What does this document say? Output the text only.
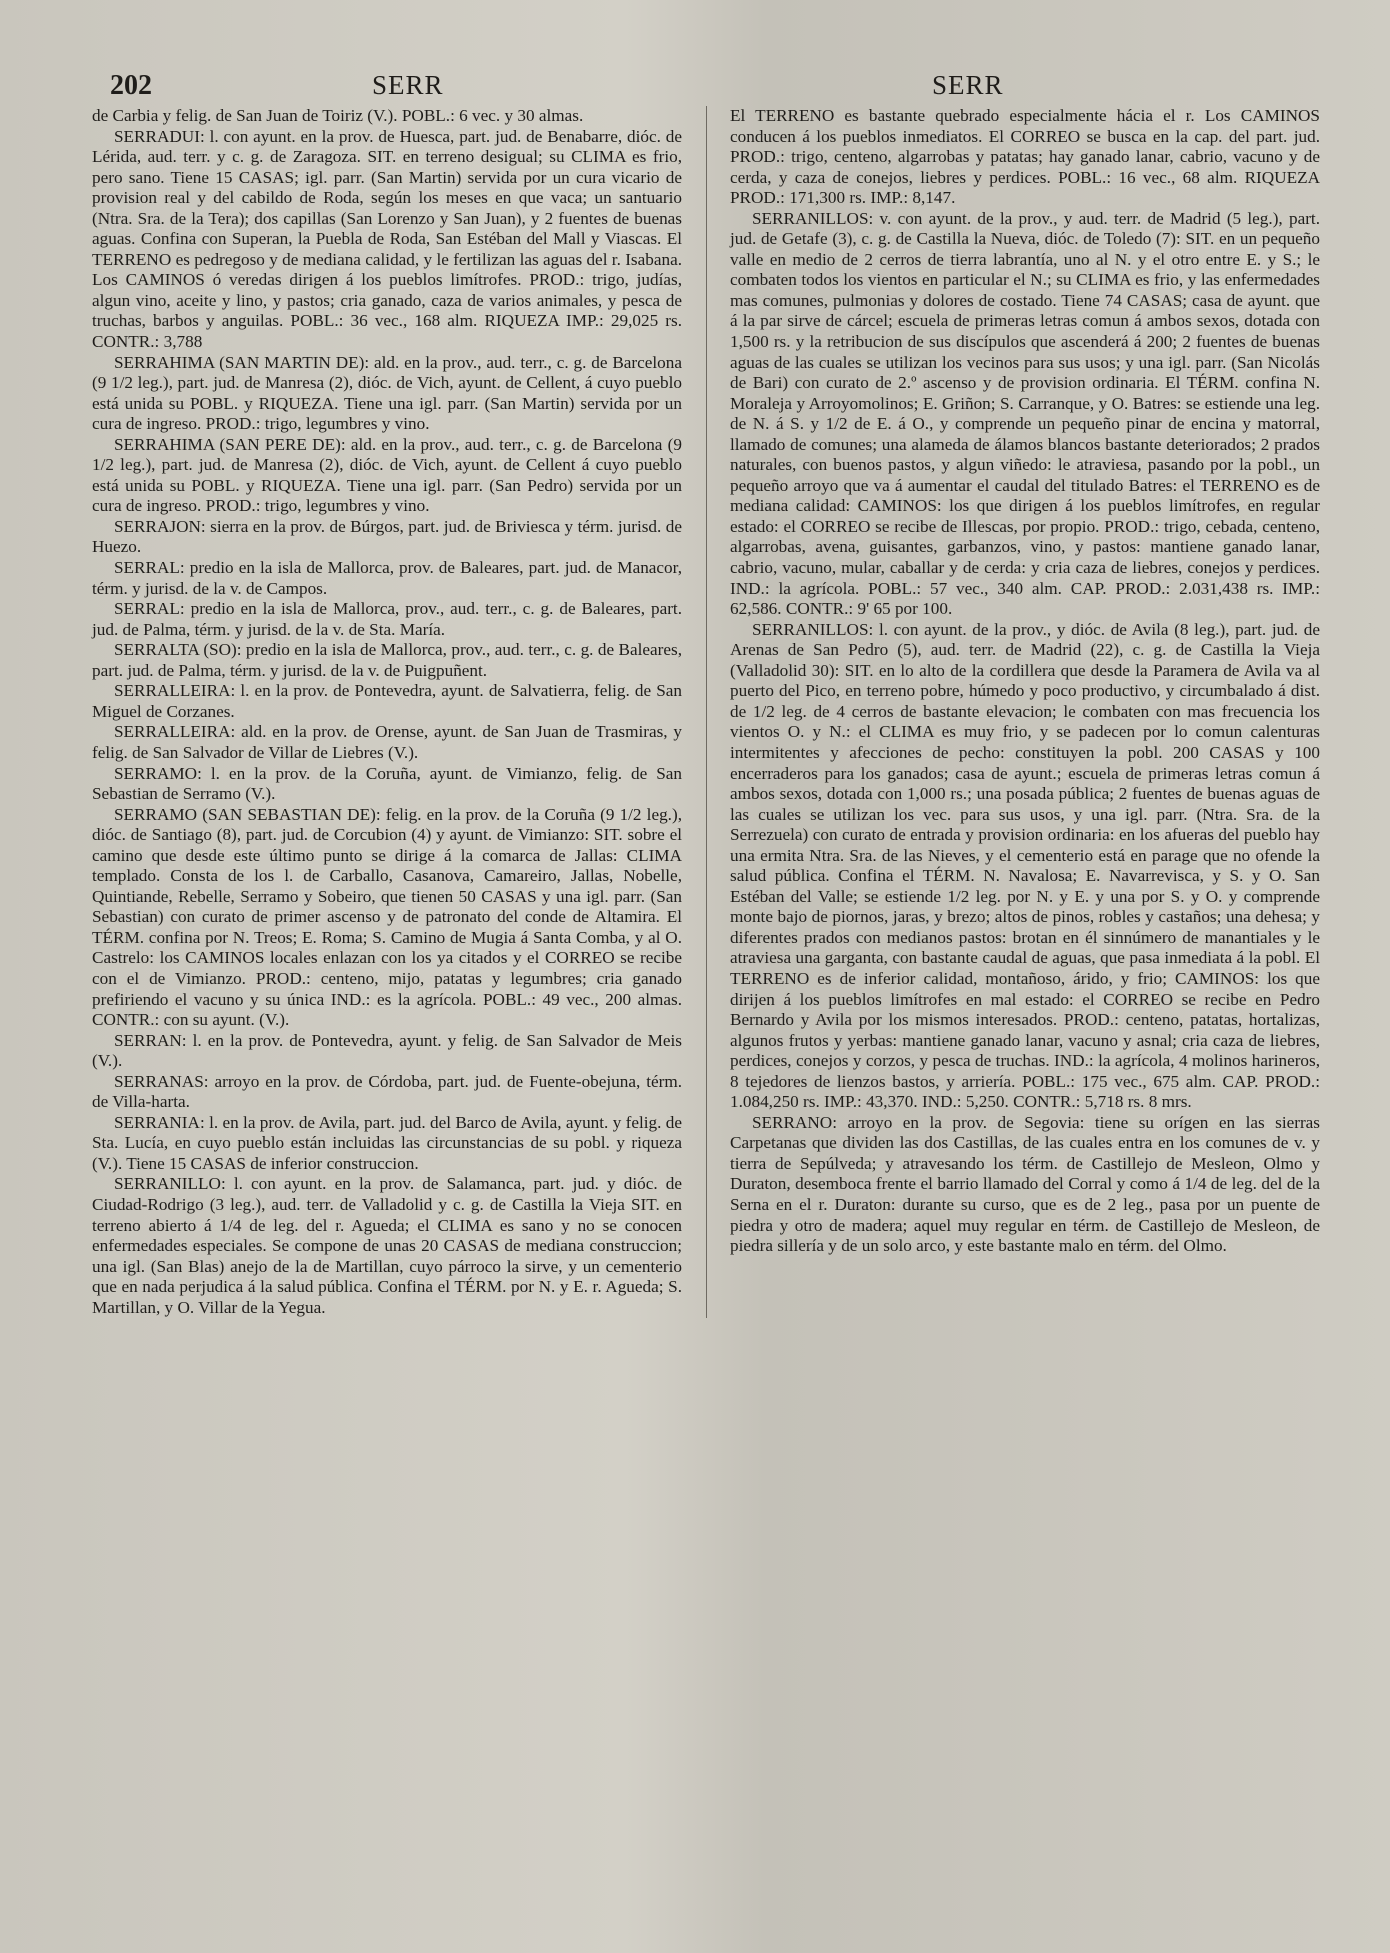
202	SERR	SERR

de Carbia y felig. de San Juan de Toiriz (V.). POBL.: 6 vec. y 30 almas.

SERRADUI: l. con ayunt. en la prov. de Huesca, part. jud. de Benabarre, dióc. de Lérida, aud. terr. y c. g. de Zaragoza. SIT. en terreno desigual; su CLIMA es frio, pero sano. Tiene 15 CASAS; igl. parr. (San Martin) servida por un cura vicario de provision real y del cabildo de Roda, según los meses en que vaca; un santuario (Ntra. Sra. de la Tera); dos capillas (San Lorenzo y San Juan), y 2 fuentes de buenas aguas. Confina con Superan, la Puebla de Roda, San Estéban del Mall y Viascas. El TERRENO es pedregoso y de mediana calidad, y le fertilizan las aguas del r. Isabana. Los CAMINOS ó veredas dirigen á los pueblos limítrofes. PROD.: trigo, judías, algun vino, aceite y lino, y pastos; cria ganado, caza de varios animales, y pesca de truchas, barbos y anguilas. POBL.: 36 vec., 168 alm. RIQUEZA IMP.: 29,025 rs. CONTR.: 3,788

SERRAHIMA (SAN MARTIN DE): ald. en la prov., aud. terr., c. g. de Barcelona (9 1/2 leg.), part. jud. de Manresa (2), dióc. de Vich, ayunt. de Cellent, á cuyo pueblo está unida su POBL. y RIQUEZA. Tiene una igl. parr. (San Martin) servida por un cura de ingreso. PROD.: trigo, legumbres y vino.

SERRAHIMA (SAN PERE DE): ald. en la prov., aud. terr., c. g. de Barcelona (9 1/2 leg.), part. jud. de Manresa (2), dióc. de Vich, ayunt. de Cellent á cuyo pueblo está unida su POBL. y RIQUEZA. Tiene una igl. parr. (San Pedro) servida por un cura de ingreso. PROD.: trigo, legumbres y vino.

SERRAJON: sierra en la prov. de Búrgos, part. jud. de Briviesca y térm. jurisd. de Huezo.

SERRAL: predio en la isla de Mallorca, prov. de Baleares, part. jud. de Manacor, térm. y jurisd. de la v. de Campos.

SERRAL: predio en la isla de Mallorca, prov., aud. terr., c. g. de Baleares, part. jud. de Palma, térm. y jurisd. de la v. de Sta. María.

SERRALTA (SO): predio en la isla de Mallorca, prov., aud. terr., c. g. de Baleares, part. jud. de Palma, térm. y jurisd. de la v. de Puigpuñent.

SERRALLEIRA: l. en la prov. de Pontevedra, ayunt. de Salvatierra, felig. de San Miguel de Corzanes.

SERRALLEIRA: ald. en la prov. de Orense, ayunt. de San Juan de Trasmiras, y felig. de San Salvador de Villar de Liebres (V.).

SERRAMO: l. en la prov. de la Coruña, ayunt. de Vimianzo, felig. de San Sebastian de Serramo (V.).

SERRAMO (SAN SEBASTIAN DE): felig. en la prov. de la Coruña (9 1/2 leg.), dióc. de Santiago (8), part. jud. de Corcubion (4) y ayunt. de Vimianzo: SIT. sobre el camino que desde este último punto se dirige á la comarca de Jallas: CLIMA templado. Consta de los l. de Carballo, Casanova, Camareiro, Jallas, Nobelle, Quintiande, Rebelle, Serramo y Sobeiro, que tienen 50 CASAS y una igl. parr. (San Sebastian) con curato de primer ascenso y de patronato del conde de Altamira. El TÉRM. confina por N. Treos; E. Roma; S. Camino de Mugia á Santa Comba, y al O. Castrelo: los CAMINOS locales enlazan con los ya citados y el CORREO se recibe con el de Vimianzo. PROD.: centeno, mijo, patatas y legumbres; cria ganado prefiriendo el vacuno y su única IND.: es la agrícola. POBL.: 49 vec., 200 almas. CONTR.: con su ayunt. (V.).

SERRAN: l. en la prov. de Pontevedra, ayunt. y felig. de San Salvador de Meis (V.).

SERRANAS: arroyo en la prov. de Córdoba, part. jud. de Fuente-obejuna, térm. de Villa-harta.

SERRANIA: l. en la prov. de Avila, part. jud. del Barco de Avila, ayunt. y felig. de Sta. Lucía, en cuyo pueblo están incluidas las circunstancias de su pobl. y riqueza (V.). Tiene 15 CASAS de inferior construccion.

SERRANILLO: l. con ayunt. en la prov. de Salamanca, part. jud. y dióc. de Ciudad-Rodrigo (3 leg.), aud. terr. de Valladolid y c. g. de Castilla la Vieja SIT. en terreno abierto á 1/4 de leg. del r. Agueda; el CLIMA es sano y no se conocen enfermedades especiales. Se compone de unas 20 CASAS de mediana construccion; una igl. (San Blas) anejo de la de Martillan, cuyo párroco la sirve, y un cementerio que en nada perjudica á la salud pública. Confina el TÉRM. por N. y E. r. Agueda; S. Martillan, y O. Villar de la Yegua.

El TERRENO es bastante quebrado especialmente hácia el r. Los CAMINOS conducen á los pueblos inmediatos. El CORREO se busca en la cap. del part. jud. PROD.: trigo, centeno, algarrobas y patatas; hay ganado lanar, cabrio, vacuno y de cerda, y caza de conejos, liebres y perdices. POBL.: 16 vec., 68 alm. RIQUEZA PROD.: 171,300 rs. IMP.: 8,147.

SERRANILLOS: v. con ayunt. de la prov., y aud. terr. de Madrid (5 leg.), part. jud. de Getafe (3), c. g. de Castilla la Nueva, dióc. de Toledo (7): SIT. en un pequeño valle en medio de 2 cerros de tierra labrantía, uno al N. y el otro entre E. y S.; le combaten todos los vientos en particular el N.; su CLIMA es frio, y las enfermedades mas comunes, pulmonias y dolores de costado. Tiene 74 CASAS; casa de ayunt. que á la par sirve de cárcel; escuela de primeras letras comun á ambos sexos, dotada con 1,500 rs. y la retribucion de sus discípulos que ascenderá á 200; 2 fuentes de buenas aguas de las cuales se utilizan los vecinos para sus usos; y una igl. parr. (San Nicolás de Bari) con curato de 2.º ascenso y de provision ordinaria. El TÉRM. confina N. Moraleja y Arroyomolinos; E. Griñon; S. Carranque, y O. Batres: se estiende una leg. de N. á S. y 1/2 de E. á O., y comprende un pequeño pinar de encina y matorral, llamado de comunes; una alameda de álamos blancos bastante deteriorados; 2 prados naturales, con buenos pastos, y algun viñedo: le atraviesa, pasando por la pobl., un pequeño arroyo que va á aumentar el caudal del titulado Batres: el TERRENO es de mediana calidad: CAMINOS: los que dirigen á los pueblos limítrofes, en regular estado: el CORREO se recibe de Illescas, por propio. PROD.: trigo, cebada, centeno, algarrobas, avena, guisantes, garbanzos, vino, y pastos: mantiene ganado lanar, cabrio, vacuno, mular, caballar y de cerda: y cria caza de liebres, conejos y perdices. IND.: la agrícola. POBL.: 57 vec., 340 alm. CAP. PROD.: 2.031,438 rs. IMP.: 62,586. CONTR.: 9' 65 por 100.

SERRANILLOS: l. con ayunt. de la prov., y dióc. de Avila (8 leg.), part. jud. de Arenas de San Pedro (5), aud. terr. de Madrid (22), c. g. de Castilla la Vieja (Valladolid 30): SIT. en lo alto de la cordillera que desde la Paramera de Avila va al puerto del Pico, en terreno pobre, húmedo y poco productivo, y circumbalado á dist. de 1/2 leg. de 4 cerros de bastante elevacion; le combaten con mas frecuencia los vientos O. y N.: el CLIMA es muy frio, y se padecen por lo comun calenturas intermitentes y afecciones de pecho: constituyen la pobl. 200 CASAS y 100 encerraderos para los ganados; casa de ayunt.; escuela de primeras letras comun á ambos sexos, dotada con 1,000 rs.; una posada pública; 2 fuentes de buenas aguas de las cuales se utilizan los vec. para sus usos, y una igl. parr. (Ntra. Sra. de la Serrezuela) con curato de entrada y provision ordinaria: en los afueras del pueblo hay una ermita Ntra. Sra. de las Nieves, y el cementerio está en parage que no ofende la salud pública. Confina el TÉRM. N. Navalosa; E. Navarrevisca, y S. y O. San Estéban del Valle; se estiende 1/2 leg. por N. y E. y una por S. y O. y comprende monte bajo de piornos, jaras, y brezo; altos de pinos, robles y castaños; una dehesa; y diferentes prados con medianos pastos: brotan en él sinnúmero de manantiales y le atraviesa una garganta, con bastante caudal de aguas, que pasa inmediata á la pobl. El TERRENO es de inferior calidad, montañoso, árido, y frio; CAMINOS: los que dirijen á los pueblos limítrofes en mal estado: el CORREO se recibe en Pedro Bernardo y Avila por los mismos interesados. PROD.: centeno, patatas, hortalizas, algunos frutos y yerbas: mantiene ganado lanar, vacuno y asnal; cria caza de liebres, perdices, conejos y corzos, y pesca de truchas. IND.: la agrícola, 4 molinos harineros, 8 tejedores de lienzos bastos, y arriería. POBL.: 175 vec., 675 alm. CAP. PROD.: 1.084,250 rs. IMP.: 43,370. IND.: 5,250. CONTR.: 5,718 rs. 8 mrs.

SERRANO: arroyo en la prov. de Segovia: tiene su orígen en las sierras Carpetanas que dividen las dos Castillas, de las cuales entra en los comunes de v. y tierra de Sepúlveda; y atravesando los térm. de Castillejo de Mesleon, Olmo y Duraton, desemboca frente el barrio llamado del Corral y como á 1/4 de leg. del de la Serna en el r. Duraton: durante su curso, que es de 2 leg., pasa por un puente de piedra y otro de madera; aquel muy regular en térm. de Castillejo de Mesleon, de piedra sillería y de un solo arco, y este bastante malo en térm. del Olmo.
